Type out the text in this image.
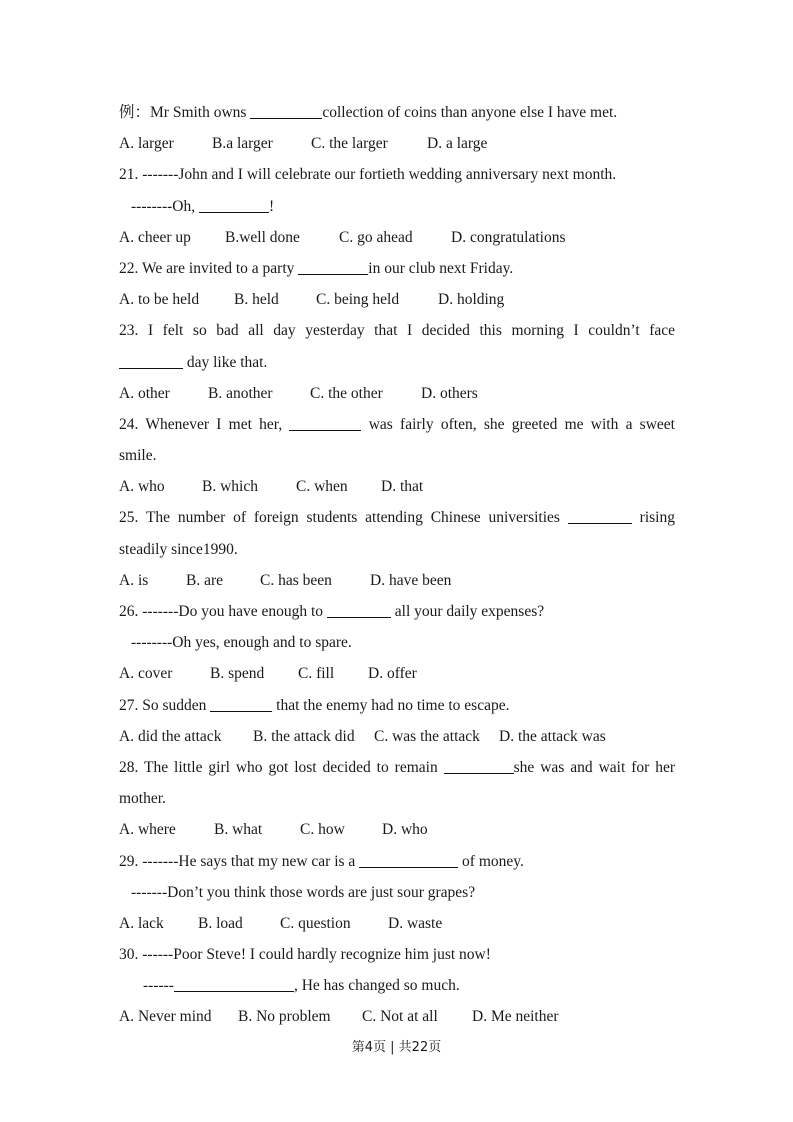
例：Mr Smith owns	collection of coins than anyone else I have met.
A. larger	B.a larger	C. the larger	D. a large
21. -------John and I will celebrate our fortieth wedding anniversary next month.
--------Oh,	!
A. cheer up	B.well done	C. go ahead	D. congratulations
22. We are invited to a party	in our club next Friday.
A. to be held	B. held	C. being held	D. holding
23. I felt so bad all day yesterday that I decided this morning I couldn’t face
day like that.
A. other	B. another	C. the other	D. others
24. Whenever I met her,	was fairly often, she greeted me with a sweet
smile.
A. who	B. which	C. when	D. that
25. The number of foreign students attending Chinese universities	rising
steadily since1990.
A. is	B. are	C. has been	D. have been
26. -------Do you have enough to	all your daily expenses?
--------Oh yes, enough and to spare.
A. cover	B. spend	C. fill	D. offer
27. So sudden	that the enemy had no time to escape.
A. did the attack	B. the attack did	C. was the attack	D. the attack was
28. The little girl who got lost decided to remain	she was and wait for her
mother.
A. where	B. what	C. how	D. who
29. -------He says that my new car is a	of money.
-------Don’t you think those words are just sour grapes?
A. lack	B. load	C. question	D. waste
30. ------Poor Steve! I could hardly recognize him just now!
------	, He has changed so much.
A. Never mind	B. No problem	C. Not at all	D. Me neither
第4页 | 共22页
